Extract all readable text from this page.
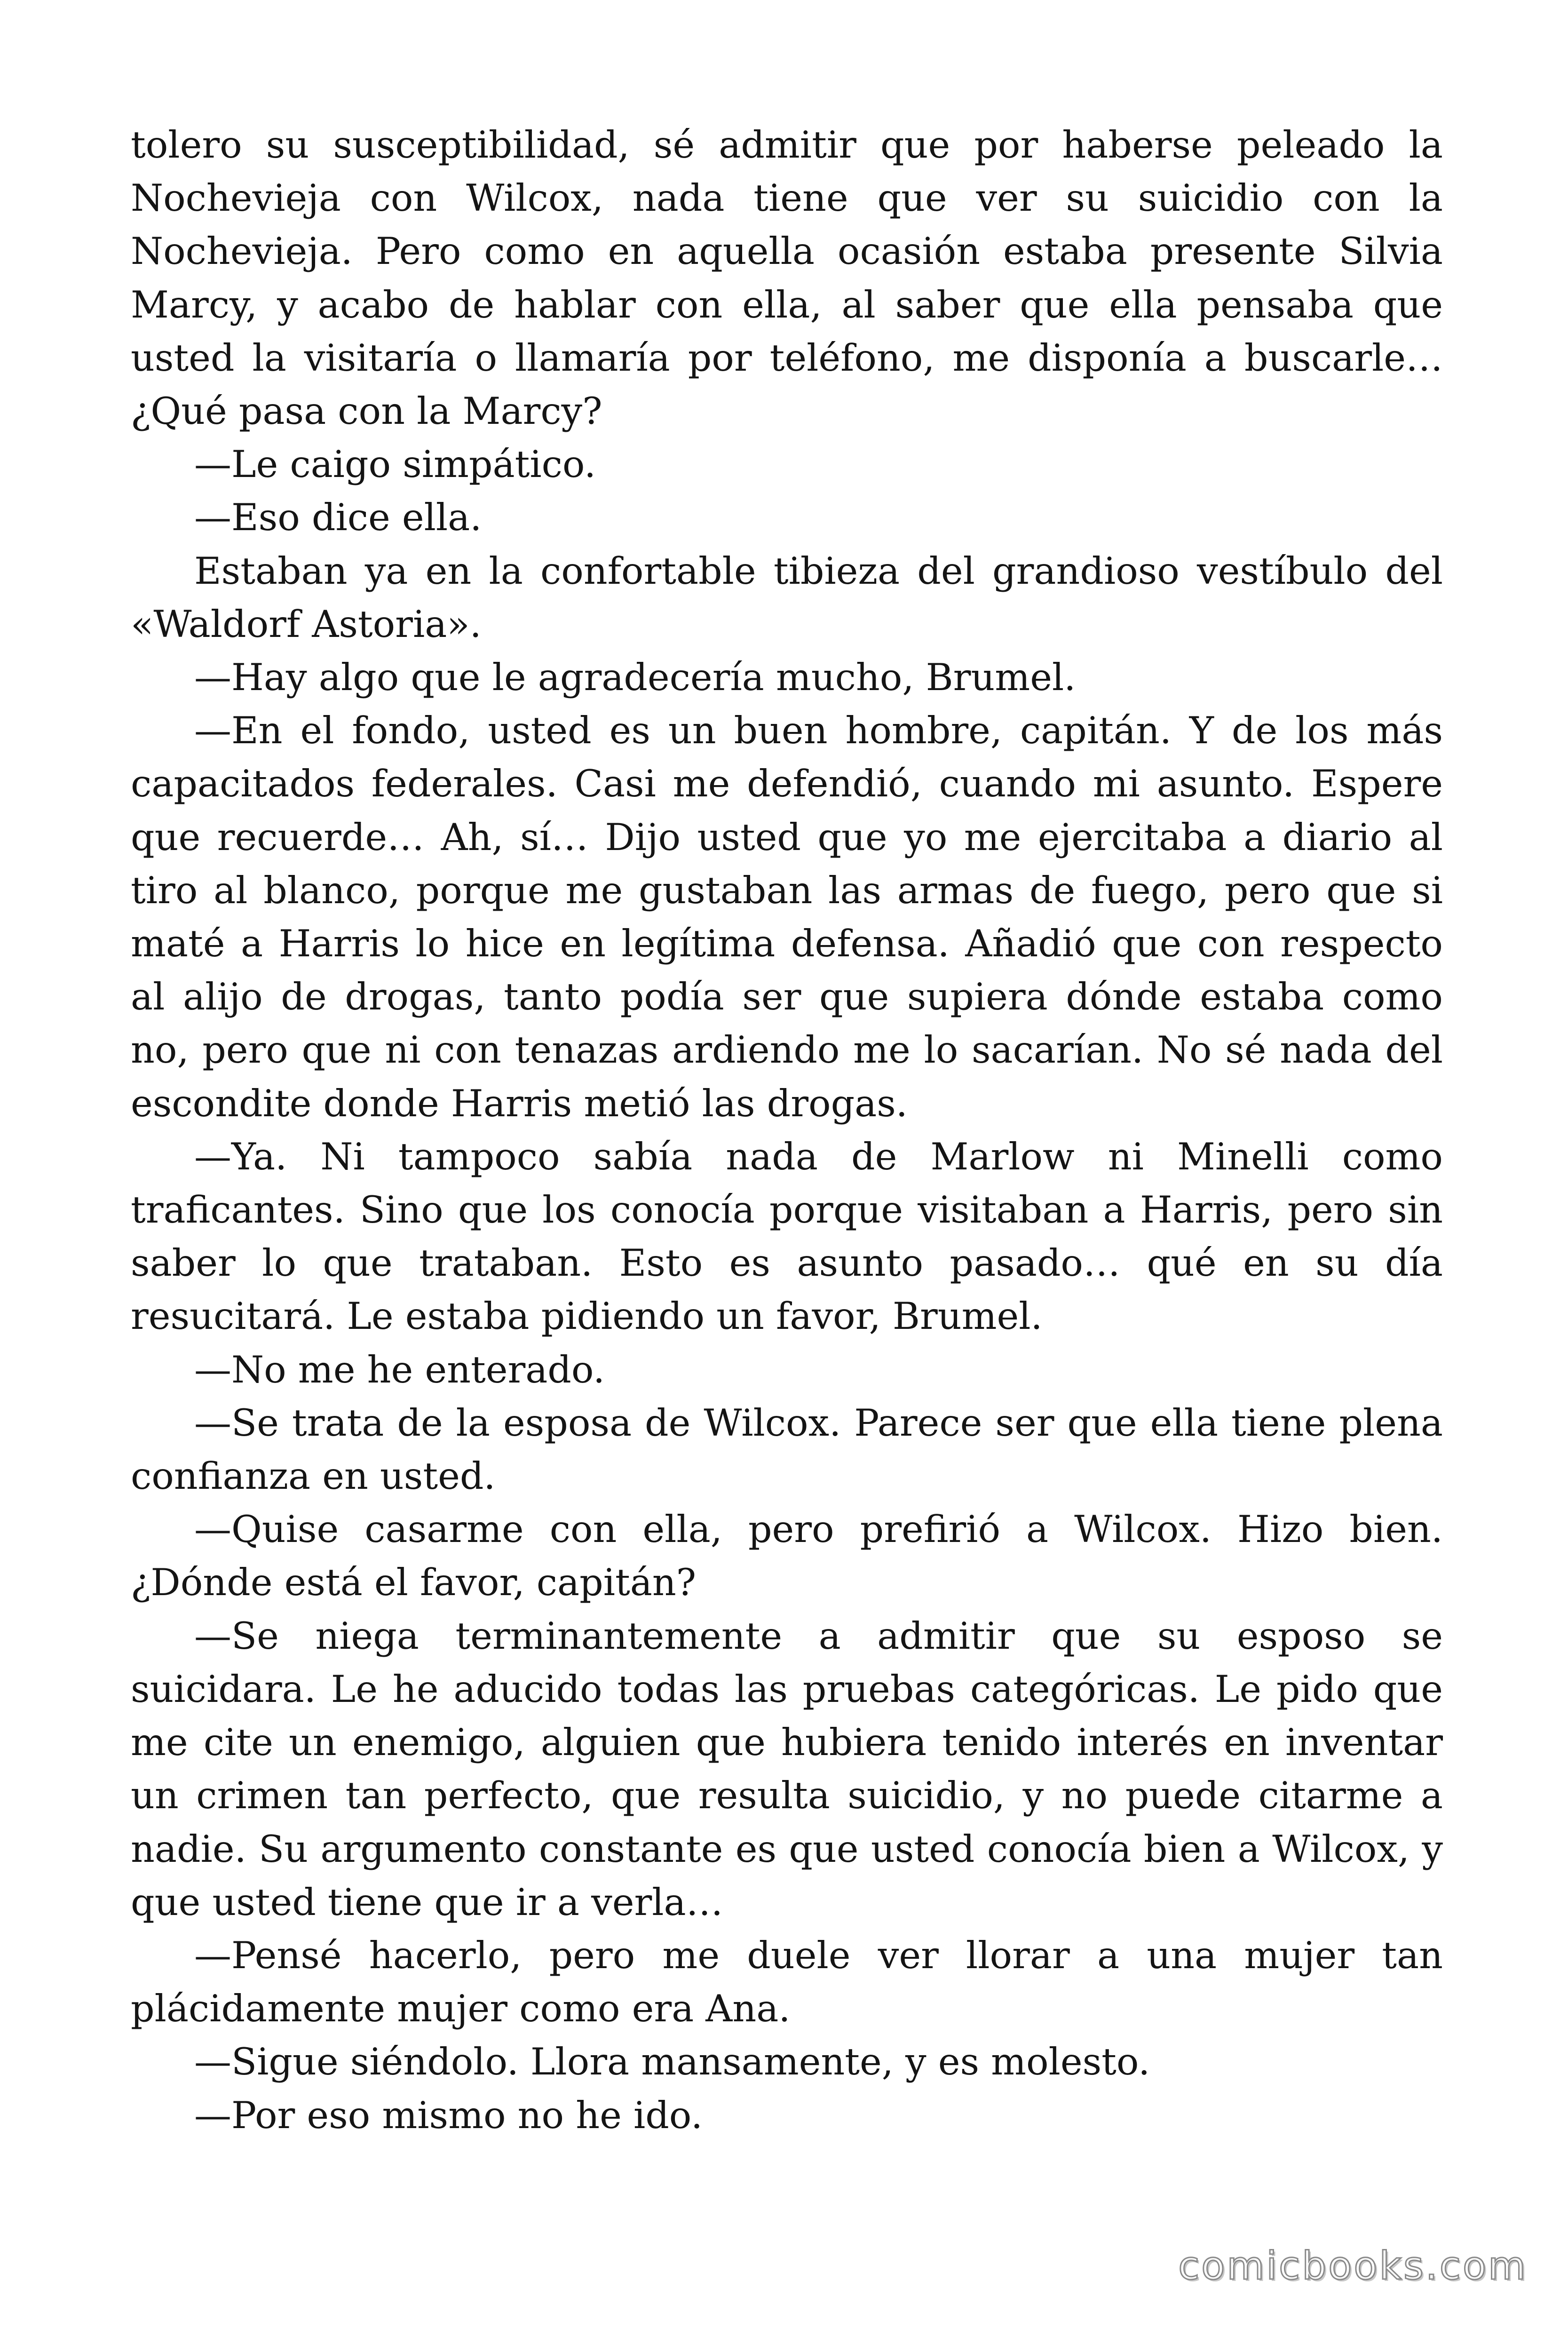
tolero su susceptibilidad, sé admitir que por haberse peleado la Nochevieja con Wilcox, nada tiene que ver su suicidio con la Nochevieja. Pero como en aquella ocasión estaba presente Silvia Marcy, y acabo de hablar con ella, al saber que ella pensaba que usted la visitaría o llamaría por teléfono, me disponía a buscarle… ¿Qué pasa con la Marcy?

—Le caigo simpático.

—Eso dice ella.

Estaban ya en la confortable tibieza del grandioso vestíbulo del «Waldorf Astoria».

—Hay algo que le agradecería mucho, Brumel.

—En el fondo, usted es un buen hombre, capitán. Y de los más capacitados federales. Casi me defendió, cuando mi asunto. Espere que recuerde… Ah, sí… Dijo usted que yo me ejercitaba a diario al tiro al blanco, porque me gustaban las armas de fuego, pero que si maté a Harris lo hice en legítima defensa. Añadió que con respecto al alijo de drogas, tanto podía ser que supiera dónde estaba como no, pero que ni con tenazas ardiendo me lo sacarían. No sé nada del escondite donde Harris metió las drogas.

—Ya. Ni tampoco sabía nada de Marlow ni Minelli como traficantes. Sino que los conocía porque visitaban a Harris, pero sin saber lo que trataban. Esto es asunto pasado… qué en su día resucitará. Le estaba pidiendo un favor, Brumel.

—No me he enterado.

—Se trata de la esposa de Wilcox. Parece ser que ella tiene plena confianza en usted.

—Quise casarme con ella, pero prefirió a Wilcox. Hizo bien. ¿Dónde está el favor, capitán?

—Se niega terminantemente a admitir que su esposo se suicidara. Le he aducido todas las pruebas categóricas. Le pido que me cite un enemigo, alguien que hubiera tenido interés en inventar un crimen tan perfecto, que resulta suicidio, y no puede citarme a nadie. Su argumento constante es que usted conocía bien a Wilcox, y que usted tiene que ir a verla…

—Pensé hacerlo, pero me duele ver llorar a una mujer tan plácidamente mujer como era Ana.

—Sigue siéndolo. Llora mansamente, y es molesto.

—Por eso mismo no he ido.

comicbooks.com
